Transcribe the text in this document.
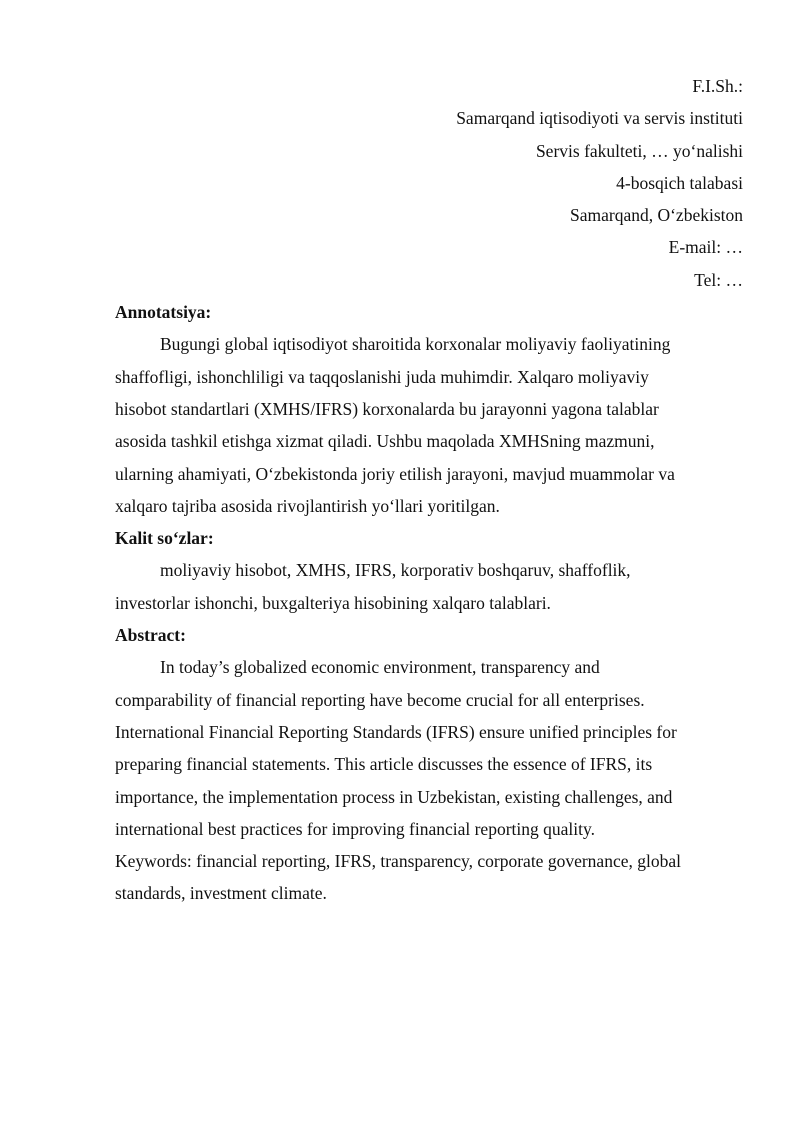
F.I.Sh.:
Samarqand iqtisodiyoti va servis instituti
Servis fakulteti, … yo‘nalishi
4-bosqich talabasi
Samarqand, O‘zbekiston
E-mail: …
Tel: …
Annotatsiya:
Bugungi global iqtisodiyot sharoitida korxonalar moliyaviy faoliyatining
shaffofligi, ishonchliligi va taqqoslanishi juda muhimdir. Xalqaro moliyaviy
hisobot standartlari (XMHS/IFRS) korxonalarda bu jarayonni yagona talablar
asosida tashkil etishga xizmat qiladi. Ushbu maqolada XMHSning mazmuni,
ularning ahamiyati, O‘zbekistonda joriy etilish jarayoni, mavjud muammolar va
xalqaro tajriba asosida rivojlantirish yo‘llari yoritilgan.
Kalit so‘zlar:
moliyaviy hisobot, XMHS, IFRS, korporativ boshqaruv, shaffoflik,
investorlar ishonchi, buxgalteriya hisobining xalqaro talablari.
Abstract:
In today’s globalized economic environment, transparency and
comparability of financial reporting have become crucial for all enterprises.
International Financial Reporting Standards (IFRS) ensure unified principles for
preparing financial statements. This article discusses the essence of IFRS, its
importance, the implementation process in Uzbekistan, existing challenges, and
international best practices for improving financial reporting quality.
Keywords: financial reporting, IFRS, transparency, corporate governance, global
standards, investment climate.
